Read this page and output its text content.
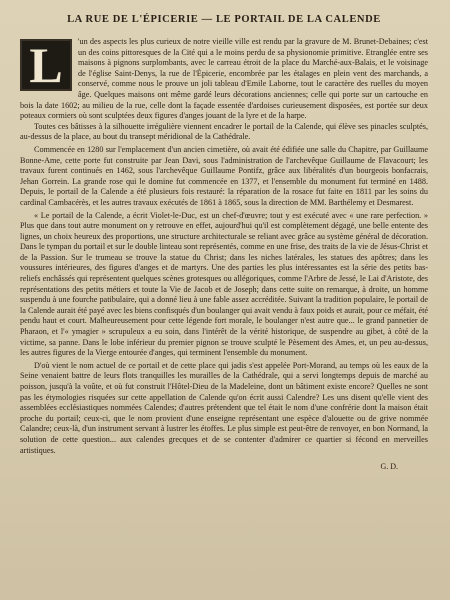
LA RUE DE L'ÉPICERIE — LE PORTAIL DE LA CALENDE
L	'un des aspects les plus curieux de notre vieille ville est rendu par la gravure de M. Brunet-Debaines; c'est un des coins pittoresques de la Cité qui a le moins perdu de sa physionomie primitive. Etranglée entre ses maisons à pignons surplombants, avec le carreau étroit de la place du Marché-aux-Balais, et le voisinage de l'église Saint-Denys, la rue de l'Épicerie, encombrée par les étalages en plein vent des marchands, a conservé, comme nous le prouve un joli tableau d'Emile Laborne, tout le caractère des ruelles du moyen âge. Quelques maisons ont même gardé leurs décorations anciennes; celle qui porte sur un cartouche en bois la date 1602; au milieu de la rue, celle dont la façade essentée d'ardoises curieusement disposées, est portée sur deux poteaux cormiers où sont sculptées deux figures d'anges jouant de la lyre et de la harpe.

Toutes ces bâtisses à la silhouette irrégulière viennent encadrer le portail de la Calende, qui élève ses pinacles sculptés, au-dessus de la place, au bout du transept méridional de la Cathédrale.

Commencée en 1280 sur l'emplacement d'un ancien cimetière, où avait été édifiée une salle du Chapitre, par Guillaume Bonne-Ame, cette porte fut construite par Jean Davi, sous l'administration de l'archevêque Guillaume de Flavacourt; les travaux furent continués en 1462, sous l'archevêque Guillaume Pontifz, grâce aux libéralités d'un bourgeois bonfacrais, Jehan Gorrein. La grande rose qui le domine fut commencée en 1377, et l'ensemble du monument fut terminé en 1488. Depuis, le portail de la Calende a été plusieurs fois restauré: la réparation de la rosace fut faite en 1811 par les soins du cardinal Cambacérès, et les autres travaux exécutés de 1861 à 1865, sous la direction de MM. Barthélemy et Desmarest.

« Le portail de la Calende, a écrit Violet-le-Duc, est un chef-d'œuvre; tout y est exécuté avec « une rare perfection. » Plus que dans tout autre monument on y retrouve en effet, aujourd'hui qu'il est complètement dégagé, une belle entente des lignes, un choix heureux des proportions, une structure architecturale se reliant avec grâce au système général de décoration. Dans le tympan du portail et sur le double linteau sont représentés, comme en une frise, des traits de la vie de Jésus-Christ et de la Passion. Sur le trumeau se trouve la statue du Christ; dans les niches latérales, les statues des apôtres; dans les voussures intérieures, des figures d'anges et de martyrs. Une des parties les plus intéressantes est la série des petits bas-reliefs enchâssés qui représentent quelques scènes grotesques ou allégoriques, comme l'Arbre de Jessé, le Lai d'Aristote, des représentations des petits métiers et toute la Vie de Jacob et de Joseph; dans cette suite on remarque, à droite, un homme suspendu à une fourche patibulaire, qui a donné lieu à une fable assez accréditée. Suivant la tradition populaire, le portail de la Calende aurait été payé avec les biens confisqués d'un boulanger qui avait vendu à faux poids et aurait, pour ce méfait, été pendu haut et court. Malheureusement pour cette légende fort morale, le boulanger n'est autre que... le grand pannetier de Pharaon, et l'« ymagier » scrupuleux a eu soin, dans l'intérêt de la vérité historique, de suspendre au gibet, à côté de la victime, sa panne. Dans le lobe inférieur du premier pignon se trouve sculpté le Pèsement des Ames, et, un peu au-dessus, les autres figures de la Vierge entourée d'anges, qui terminent l'ensemble du monument.

D'où vient le nom actuel de ce portail et de cette place qui jadis s'est appelée Port-Morand, au temps où les eaux de la Seine venaient battre de leurs flots tranquilles les murailles de la Cathédrale, qui a servi longtemps depuis de marché au poisson, jusqu'à la voûte, et où fut construit l'Hôtel-Dieu de la Madeleine, dont un bâtiment existe encore? Quelles ne sont pas les étymologies risquées sur cette appellation de Calende qu'on écrit aussi Calendre? Les uns disent qu'elle vient des assemblées ecclésiastiques nommées Calendes; d'autres prétendent que tel était le nom d'une confrérie dont la maison était proche du portail; ceux-ci, que le nom provient d'une enseigne représentant une espèce d'alouette ou de grive nommée Calandre; ceux-là, d'un instrument servant à lustrer les étoffes. Le plus simple est peut-être de renvoyer, en bon Normand, la solution de cette question... aux calendes grecques et de se contenter d'admirer ce quartier si fécond en merveilles artistiques.

G. D.
